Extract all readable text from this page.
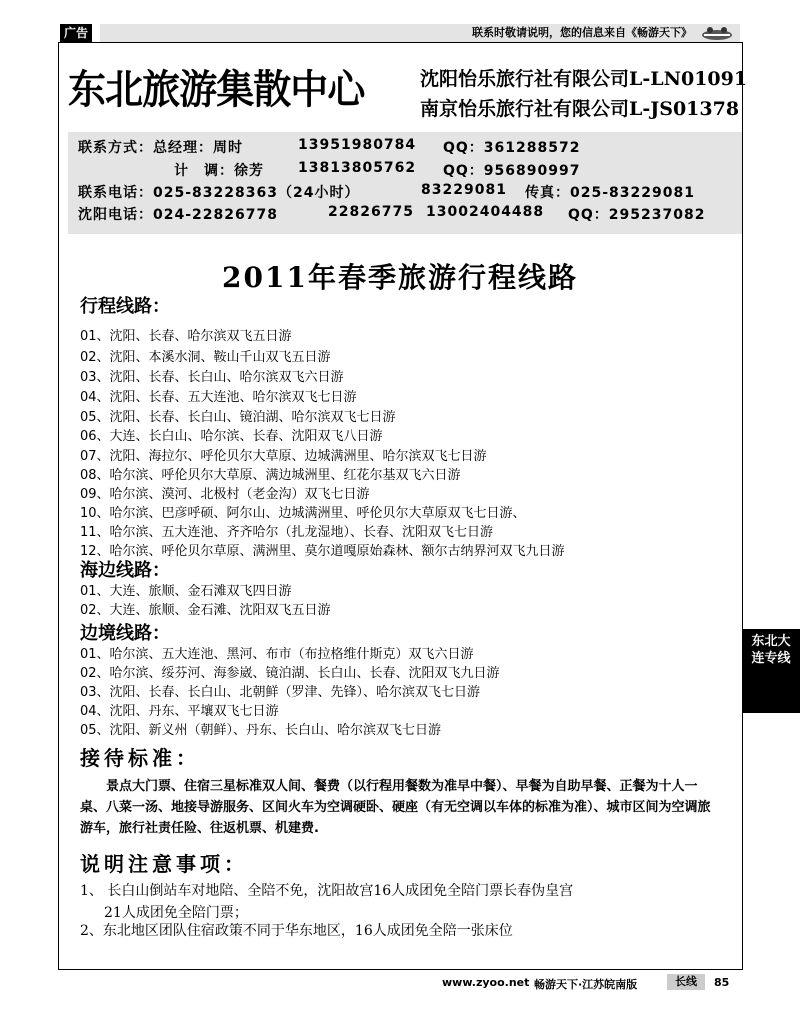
广告	联系时敬请说明，您的信息来自《畅游天下》
东北旅游集散中心	沈阳怡乐旅行社有限公司L-LN01091
南京怡乐旅行社有限公司L-JS01378
联系方式：总经理：周时	13951980784 QQ：361288572
计　调：徐芳 13813805762 QQ：956890997
联系电话：025-83228363（24小时）	83229081 传真：025-83229081
沈阳电话：024-22826778	22826775 13002404488 QQ：295237082
2011年春季旅游行程线路
行程线路：
01、沈阳、长春、哈尔滨双飞五日游
02、沈阳、本溪水洞、鞍山千山双飞五日游
03、沈阳、长春、长白山、哈尔滨双飞六日游
04、沈阳、长春、五大连池、哈尔滨双飞七日游
05、沈阳、长春、长白山、镜泊湖、哈尔滨双飞七日游
06、大连、长白山、哈尔滨、长春、沈阳双飞八日游
07、沈阳、海拉尔、呼伦贝尔大草原、边城满洲里、哈尔滨双飞七日游
08、哈尔滨、呼伦贝尔大草原、满边城洲里、红花尔基双飞六日游
09、哈尔滨、漠河、北极村（老金沟）双飞七日游
10、哈尔滨、巴彦呼硕、阿尔山、边城满洲里、呼伦贝尔大草原双飞七日游、
11、哈尔滨、五大连池、齐齐哈尔（扎龙湿地）、长春、沈阳双飞七日游
12、哈尔滨、呼伦贝尔草原、满洲里、莫尔道嘎原始森林、额尔古纳界河双飞九日游
海边线路：
01、大连、旅顺、金石滩双飞四日游
02、大连、旅顺、金石滩、沈阳双飞五日游
边境线路：
01、哈尔滨、五大连池、黑河、布市（布拉格维什斯克）双飞六日游
02、哈尔滨、绥芬河、海参崴、镜泊湖、长白山、长春、沈阳双飞九日游
03、沈阳、长春、长白山、北朝鲜（罗津、先锋）、哈尔滨双飞七日游
04、沈阳、丹东、平壤双飞七日游
05、沈阳、新义州（朝鲜）、丹东、长白山、哈尔滨双飞七日游
接待标准：
景点大门票、住宿三星标准双人间、餐费（以行程用餐数为准早中餐）、早餐为自助早餐、正餐为十人一桌、八菜一汤、地接导游服务、区间火车为空调硬卧、硬座（有无空调以车体的标准为准）、城市区间为空调旅游车，旅行社责任险、往返机票、机建费.
说明注意事项：
1、 长白山倒站车对地陪、全陪不免，沈阳故宫16人成团免全陪门票长春伪皇宫
21人成团免全陪门票；
2、东北地区团队住宿政策不同于华东地区，16人成团免全陪一张床位
东北大连专线
www.zyoo.net 畅游天下·江苏皖南版	长线	85
